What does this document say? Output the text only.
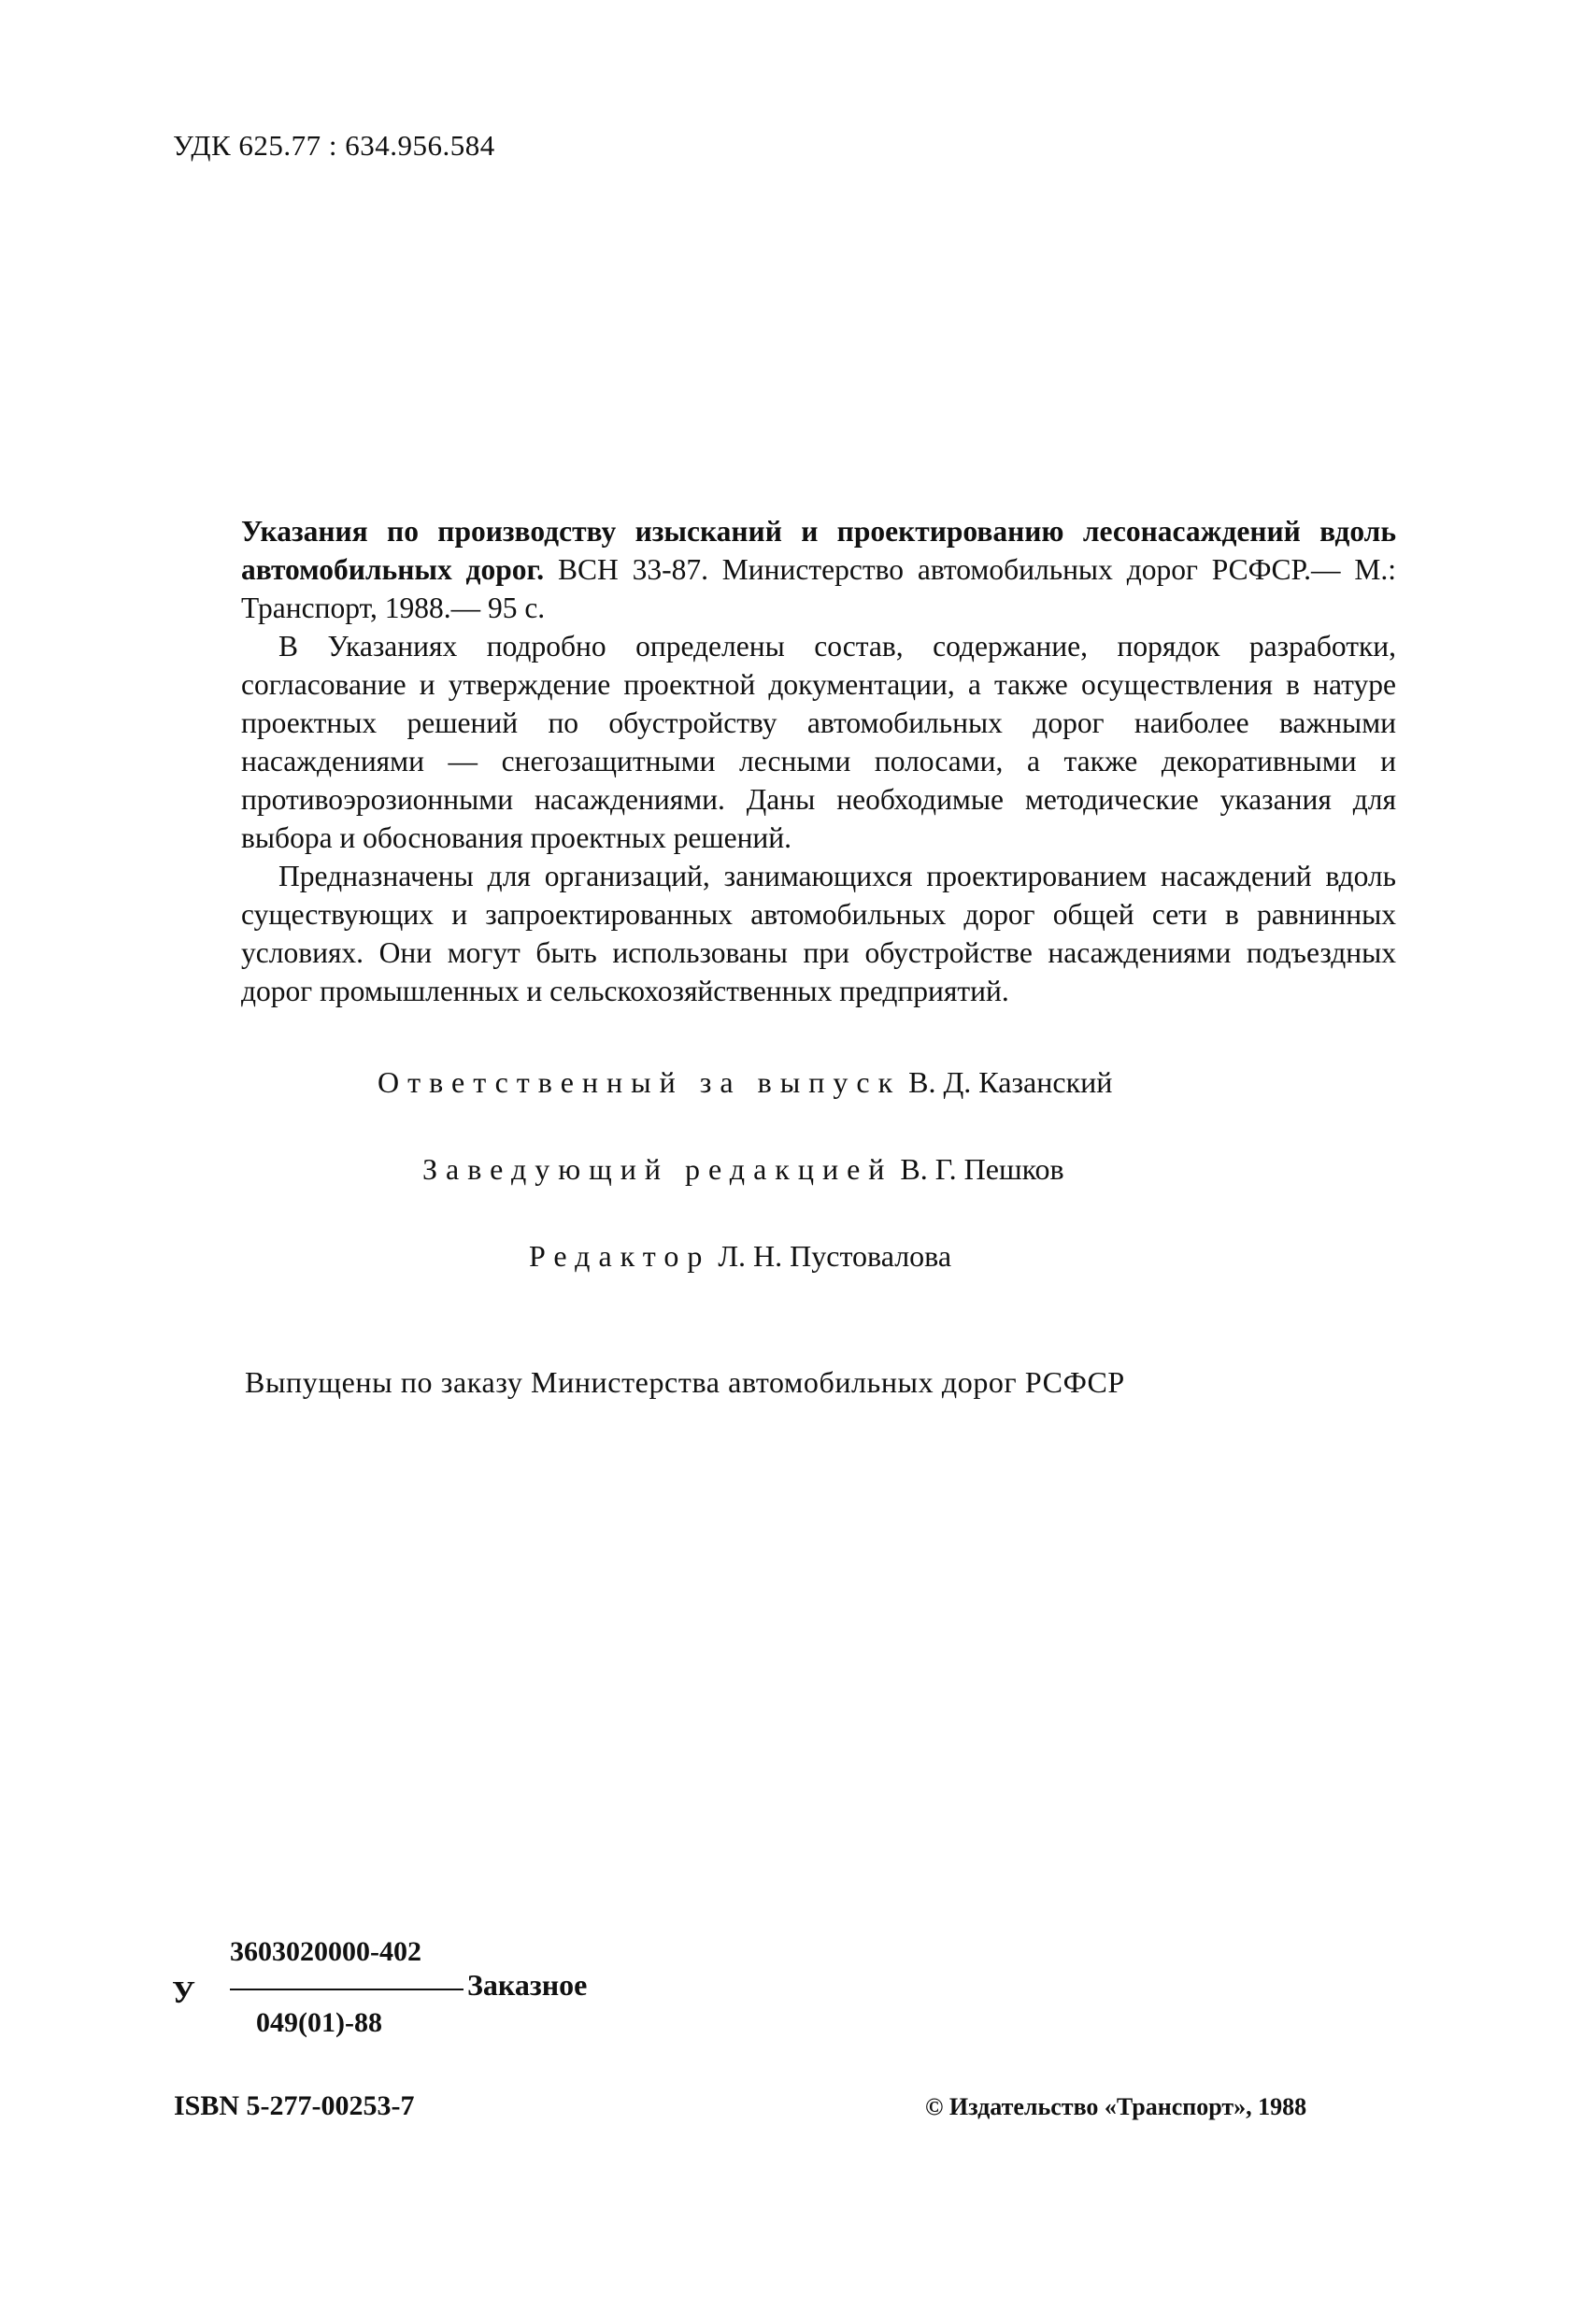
УДК 625.77 : 634.956.584

Указания по производству изысканий и проектированию лесонасаждений вдоль автомобильных дорог. ВСН 33-87. Министерство автомобильных дорог РСФСР.— М.: Транспорт, 1988.— 95 с.

В Указаниях подробно определены состав, содержание, порядок разработки, согласование и утверждение проектной документации, а также осуществления в натуре проектных решений по обустройству автомобильных дорог наиболее важными насаждениями — снегозащитными лесными полосами, а также декоративными и противоэрозионными насаждениями. Даны необходимые методические указания для выбора и обоснования проектных решений.

Предназначены для организаций, занимающихся проектированием насаждений вдоль существующих и запроектированных автомобильных дорог общей сети в равнинных условиях. Они могут быть использованы при обустройстве насаждениями подъездных дорог промышленных и сельскохозяйственных предприятий.

Ответственный за выпуск В. Д. Казанский
Заведующий редакцией В. Г. Пешков
Редактор Л. Н. Пустовалова
Выпущены по заказу Министерства автомобильных дорог РСФСР
У
3603020000-402
049(01)-88
Заказное
ISBN 5-277-00253-7	© Издательство «Транспорт», 1988
